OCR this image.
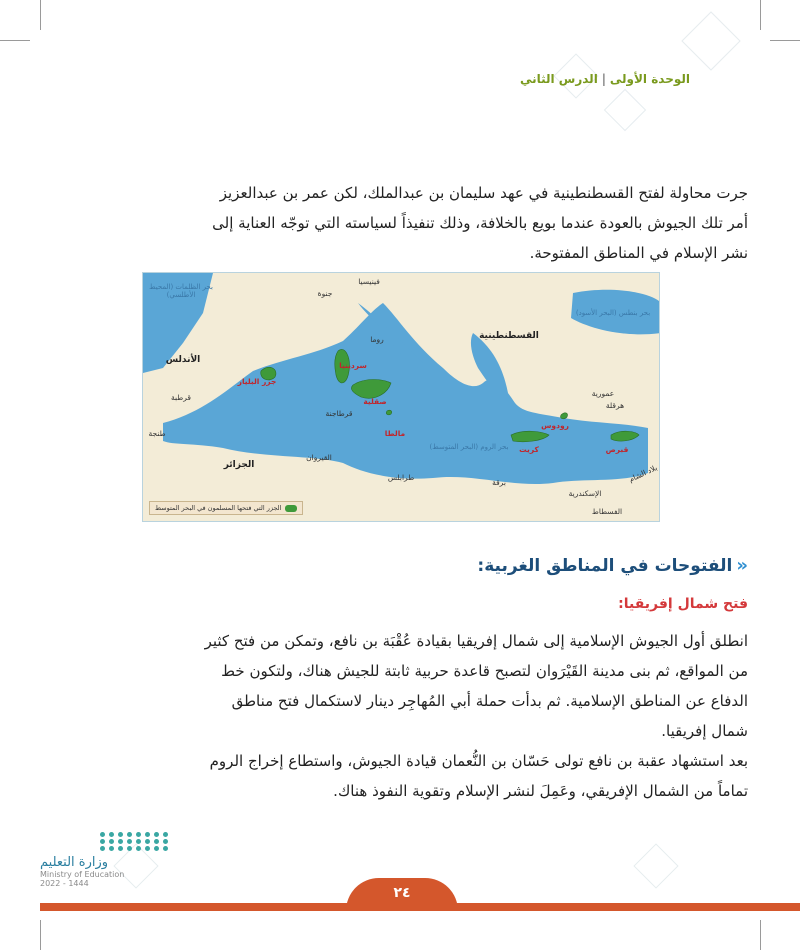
الوحدة الأولى|الدرس الثاني

جرت محاولة لفتح القسطنطينية في عهد سليمان بن عبدالملك، لكن عمر بن عبدالعزيز
أمر تلك الجيوش بالعودة عندما بويع بالخلافة، وذلك تنفيذاً لسياسته التي توجّه العناية إلى
نشر الإسلام في المناطق المفتوحة.

بحر الظلمات (المحيط الأطلسي)
بحر بنطس (البحر الأسود)
بحر الروم (البحر المتوسط)
الأندلس
قرطبة
طنجة
الجزائر
القيروان
طرابلس
برقة
الإسكندرية
الفسطاط
بلاد الشام
القسطنطينية
عمورية
هرقلة
روما
جنوة
فينيسيا
قرطاجنة
جزر البليار
سردينيا
صقلية
مالطا
رودوس
كريت	قبرص
الجزر التي فتحها المسلمون في البحر المتوسط
«
الفتوحات في المناطق الغربية:
فتح شمال إفريقيا:

انطلق أول الجيوش الإسلامية إلى شمال إفريقيا بقيادة عُقْبَة بن نافع، وتمكن من فتح كثير
من المواقع، ثم بنى مدينة القَيْرَوان لتصبح قاعدة حربية ثابتة للجيش هناك، ولتكون خط
الدفاع عن المناطق الإسلامية. ثم بدأت حملة أبي المُهاجِر دينار لاستكمال فتح مناطق
شمال إفريقيا.

بعد استشهاد عقبة بن نافع تولى حَسّان بن النُّعمان قيادة الجيوش، واستطاع إخراج الروم
تماماً من الشمال الإفريقي، وعَمِلَ لنشر الإسلام وتقوية النفوذ هناك.

وزارة التعليم
Ministry of Education
2022 - 1444
٢٤
